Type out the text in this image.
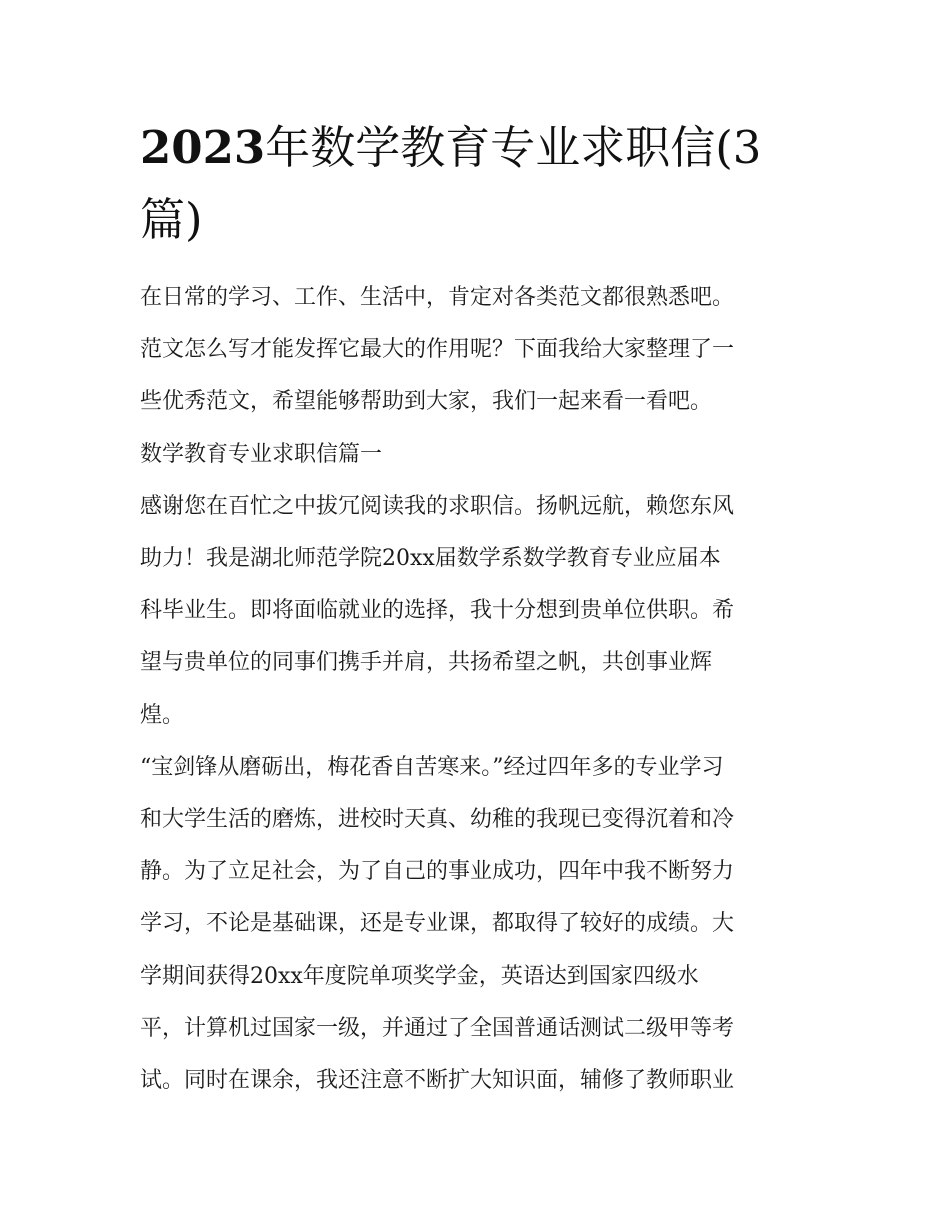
2023年数学教育专业求职信(3篇)

在日常的学习、工作、生活中，肯定对各类范文都很熟悉吧。
范文怎么写才能发挥它最大的作用呢？下面我给大家整理了一
些优秀范文，希望能够帮助到大家，我们一起来看一看吧。

数学教育专业求职信篇一

感谢您在百忙之中拔冗阅读我的求职信。扬帆远航，赖您东风
助力！我是湖北师范学院20xx届数学系数学教育专业应届本
科毕业生。即将面临就业的选择，我十分想到贵单位供职。希
望与贵单位的同事们携手并肩，共扬希望之帆，共创事业辉
煌。

“宝剑锋从磨砺出，梅花香自苦寒来。”经过四年多的专业学习
和大学生活的磨炼，进校时天真、幼稚的我现已变得沉着和冷
静。为了立足社会，为了自己的事业成功，四年中我不断努力
学习，不论是基础课，还是专业课，都取得了较好的成绩。大
学期间获得20xx年度院单项奖学金，英语达到国家四级水
平，计算机过国家一级，并通过了全国普通话测试二级甲等考
试。同时在课余，我还注意不断扩大知识面，辅修了教师职业
